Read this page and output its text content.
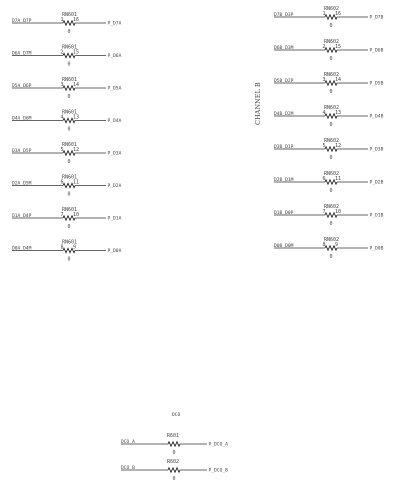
D7A_D7P
P_D7A
RN601
1 16
0
D6A_D7M
P_D6A
RN601
2 15
0
D5A_D6P
P_D5A
RN601
3 14
0
D4A_D6M
P_D4A
RN601
4 13
0
D3A_D5P
P_D3A
RN601
5 12
0
D2A_D5M
P_D2A
RN601
6 11
0
D1A_D4P
P_D1A
RN601
7 10
0
D0A_D4M
P_D0A
RN601
8 9
0
D7B_D3P
P_D7B
RN602
1 16
0
D6B_D3M
P_D6B
RN602
2 15
0
D5B_D2P
P_D5B
RN602
3 14
0
D4B_D2M
P_D4B
RN602
4 13
0
D3B_D1P
P_D3B
RN602
5 12
0
D2B_D1M
P_D2B
RN602
6 11
0
D1B_D0P
P_D1B
RN602
7 10
0
D0B_D0M
P_D0B
RN602
8 9
0
CHANNEL B
DCO
DCO_A
P_DCO_A
R601
0
DCO_B
P_DCO_B
R602
0
